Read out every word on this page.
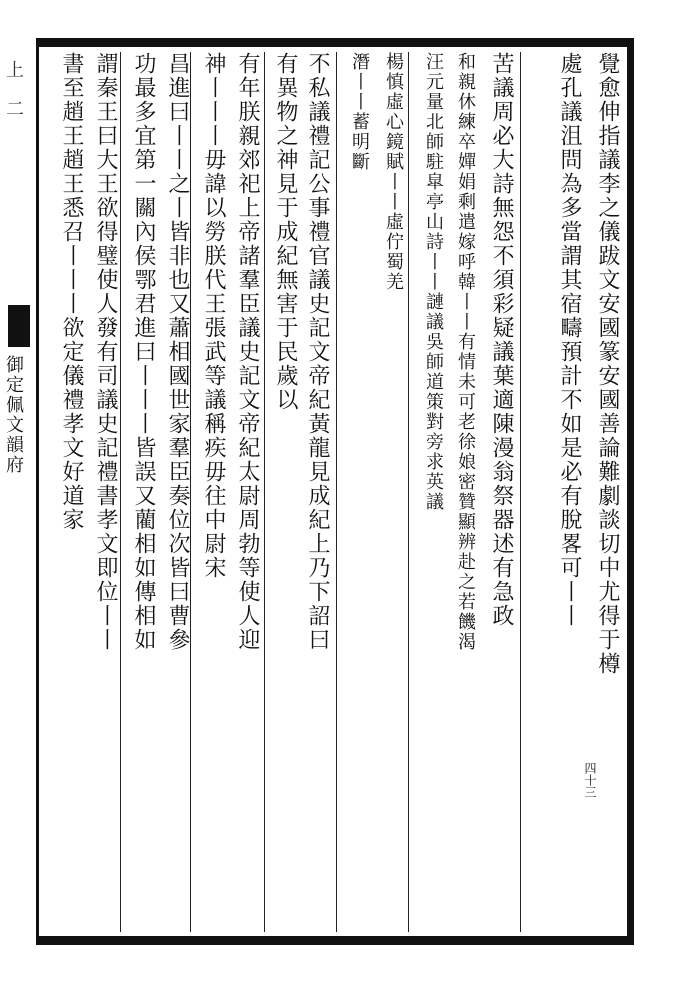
上 二
御定佩文韻府	覺愈伸指議李之儀跋文安國篆安國善論難劇談切中尤得于樽
處孔議沮問為多當謂其宿疇預計不如是必有脫畧可丨丨
苦議周必大詩無怨不須彩疑議葉適陳漫翁祭器述有急政
和親休練卒嬋娟剩遣嫁呼韓丨丨有情未可老徐娘密贊顯辨赴之若饑渴
汪元量北師駐皐亭山詩丨丨謰議吳師道策對旁求英議
楊慎虛心鏡賦丨丨虛佇蜀羌
潛丨丨蓄明斷
不私議禮記公事禮官議史記文帝紀黃龍見成紀上乃下詔曰
有異物之神見于成紀無害于民歲以
有年朕親郊祀上帝諸羣臣議史記文帝紀太尉周勃等使人迎
神丨丨丨毋諱以勞朕代王張武等議稱疾毋往中尉宋
昌進曰丨丨之丨皆非也又蕭相國世家羣臣奏位次皆曰曹參
功最多宜第一關內侯鄂君進曰丨丨丨皆誤又藺相如傳相如
謂秦王曰大王欲得璧使人發有司議史記禮書孝文即位丨丨
書至趙王趙王悉召丨丨丨欲定儀禮孝文好道家
四十三
